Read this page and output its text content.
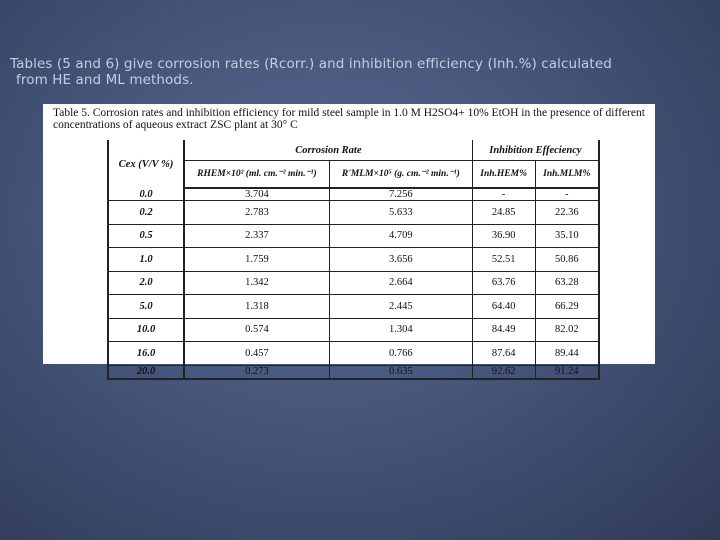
Tables (5 and 6) give corrosion rates (Rcorr.) and inhibition efficiency (Inh.%) calculated
from HE and ML methods.

Table 5. Corrosion rates and inhibition efficiency for mild steel sample in 1.0 M H2SO4+ 10% EtOH in the presence of different concentrations of aqueous extract ZSC plant at 30° C

Cex (V/V %)	Corrosion Rate		Inhibition Effeciency	
	RHEM×10² (ml. cm.⁻² min.⁻¹)	R'MLM×10⁵ (g. cm.⁻² min.⁻¹)	Inh.HEM%	Inh.MLM%
0.0	3.704	7.256	-	-
0.2	2.783	5.633	24.85	22.36
0.5	2.337	4.709	36.90	35.10
1.0	1.759	3.656	52.51	50.86
2.0	1.342	2.664	63.76	63.28
5.0	1.318	2.445	64.40	66.29
10.0	0.574	1.304	84.49	82.02
16.0	0.457	0.766	87.64	89.44
20.0	0.273	0.635	92.62	91.24
